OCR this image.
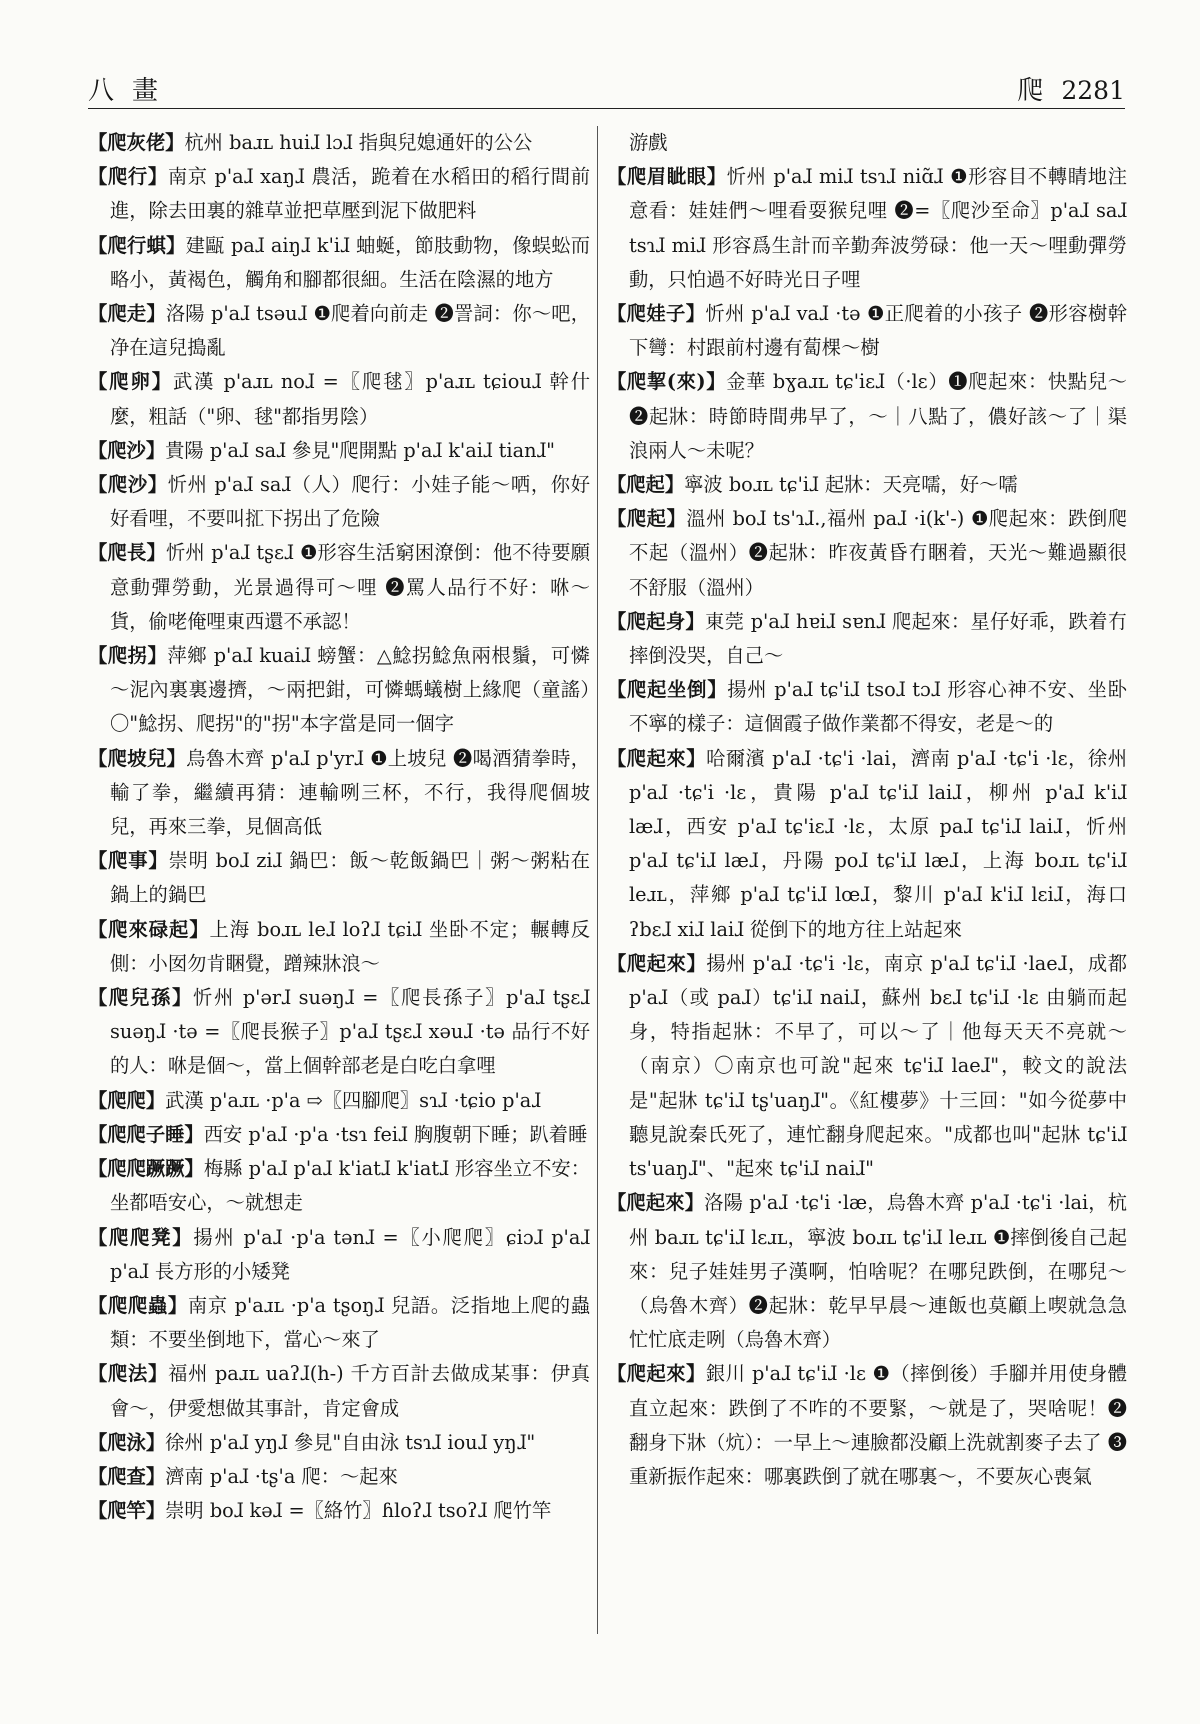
八畫	爬 2281

【爬灰佬】杭州 baɹʟ huiɺ lɔɺ 指與兒媳通奸的公公

【爬行】南京 p'aɺ xaŋɺ 農活，跪着在水稻田的稻行間前進，除去田裏的雜草並把草壓到泥下做肥料

【爬行蜞】建甌 paɺ aiŋɺ k'iɺ 蚰蜒，節肢動物，像蜈蚣而略小，黃褐色，觸角和腳都很細。生活在陰濕的地方

【爬走】洛陽 p'aɺ tsəuɺ ❶爬着向前走 ❷詈詞：你～吧，净在這兒搗亂

【爬卵】武漢 p'aɹʟ noɺ =〖爬毬〗p'aɹʟ tɕiouɺ 幹什麼，粗話（"卵、毬"都指男陰）

【爬沙】貴陽 p'aɺ saɺ 參見"爬開點 p'aɺ k'aiɺ tianɺ"

【爬沙】忻州 p'aɺ saɺ（人）爬行：小娃子能～哂，你好好看哩，不要叫㧟下拐出了危險

【爬長】忻州 p'aɺ tʂɛɺ ❶形容生活窮困潦倒：他不待要願意動彈勞動，光景過得可～哩 ❷罵人品行不好：咻～貨，偷咾俺哩東西還不承認！

【爬拐】萍鄉 p'aɺ kuaiɺ 螃蟹：△鯰拐鯰魚兩根鬚，可憐～泥內裏裏邊擠，～兩把鉗，可憐螞蟻樹上緣爬（童謠）〇"鯰拐、爬拐"的"拐"本字當是同一個字

【爬坡兒】烏魯木齊 p'aɺ p'yrɺ ❶上坡兒 ❷喝酒猜拳時，輸了拳，繼續再猜：連輸咧三杯，不行，我得爬個坡兒，再來三拳，見個高低

【爬事】崇明 boɺ ziɺ 鍋巴：飯～乾飯鍋巴｜粥～粥粘在鍋上的鍋巴

【爬來碌起】上海 boɹʟ leɺ loʔɺ tɕiɺ 坐卧不定；輾轉反側：小囡勿肯睏覺，蹭辣牀浪～

【爬兒孫】忻州 p'ərɺ suəŋɺ =〖爬長孫子〗p'aɺ tʂɛɺ suəŋɺ ·tə =〖爬長猴子〗p'aɺ tʂɛɺ xəuɺ ·tə 品行不好的人：咻是個～，當上個幹部老是白吃白拿哩

【爬爬】武漢 p'aɹʟ ·p'a ⇨〖四腳爬〗sɿɺ ·tɕio p'aɺ

【爬爬子睡】西安 p'aɺ ·p'a ·tsɿ feiɺ 胸腹朝下睡；趴着睡

【爬爬蹶蹶】梅縣 p'aɺ p'aɺ k'iatɺ k'iatɺ 形容坐立不安：坐都唔安心，～就想走

【爬爬凳】揚州 p'aɺ ·p'a tənɺ =〖小爬爬〗ɕiɔɺ p'aɺ p'aɺ 長方形的小矮凳

【爬爬蟲】南京 p'aɹʟ ·p'a tʂoŋɺ 兒語。泛指地上爬的蟲類：不要坐倒地下，當心～來了

【爬法】福州 paɹʟ uaʔɺ(h-) 千方百計去做成某事：伊真會～，伊愛想做其事計，肯定會成

【爬泳】徐州 p'aɺ yŋɺ 參見"自由泳 tsɿɺ iouɺ yŋɺ"

【爬查】濟南 p'aɺ ·tʂ'a 爬：～起來

【爬竿】崇明 boɺ kəɺ =〖絡竹〗ɦloʔɺ tsoʔɺ 爬竹竿

游戲

【爬眉眦眼】忻州 p'aɺ miɺ tsɿɺ niɑ̃ɺ ❶形容目不轉睛地注意看：娃娃們～哩看耍猴兒哩 ❷=〖爬沙至命〗p'aɺ saɺ tsɿɺ miɺ 形容爲生計而辛勤奔波勞碌：他一天～哩動彈勞動，只怕過不好時光日子哩

【爬娃子】忻州 p'aɺ vaɺ ·tə ❶正爬着的小孩子 ❷形容樹幹下彎：村跟前村邊有蔔棵～樹

【爬挈(來)】金華 bɣaɹʟ tɕ'iɛɺ（·lɛ）❶爬起來：快點兒～ ❷起牀：時節時間弗早了，～｜八點了，儂好該～了｜渠浪兩人～未呢？

【爬起】寧波 boɹʟ tɕ'iɺ 起牀：天亮嚅，好～嚅

【爬起】溫州 boɺ ts'ɿɺ.,福州 paɺ ·i(k'-) ❶爬起來：跌倒爬不起（溫州）❷起牀：昨夜黃昏冇睏着，天光～難過顯很不舒服（溫州）

【爬起身】東莞 p'aɺ hɐiɺ sɐnɺ 爬起來：星仔好乖，跌着冇摔倒没哭，自己～

【爬起坐倒】揚州 p'aɺ tɕ'iɺ tsoɺ tɔɺ 形容心神不安、坐卧不寧的樣子：這個霞子做作業都不得安，老是～的

【爬起來】哈爾濱 p'aɺ ·tɕ'i ·lai，濟南 p'aɺ ·tɕ'i ·lɛ，徐州 p'aɺ ·tɕ'i ·lɛ，貴陽 p'aɺ tɕ'iɺ laiɺ，柳州 p'aɺ k'iɺ læɺ，西安 p'aɺ tɕ'iɛɺ ·lɛ，太原 paɺ tɕ'iɺ laiɺ，忻州 p'aɺ tɕ'iɺ læɺ，丹陽 poɺ tɕ'iɺ læɺ，上海 boɹʟ tɕ'iɺ leɹʟ，萍鄉 p'aɺ tɕ'iɺ lœɺ，黎川 p'aɺ k'iɺ lɛiɺ，海口 ʔbɛɺ xiɺ laiɺ 從倒下的地方往上站起來

【爬起來】揚州 p'aɺ ·tɕ'i ·lɛ，南京 p'aɺ tɕ'iɺ ·laeɺ，成都 p'aɺ（或 paɺ）tɕ'iɺ naiɺ，蘇州 bɛɺ tɕ'iɺ ·lɛ 由躺而起身，特指起牀：不早了，可以～了｜他每天天不亮就～（南京）〇南京也可說"起來 tɕ'iɺ laeɺ"，較文的說法是"起牀 tɕ'iɺ tʂ'uaŋɺ"。《紅樓夢》十三回："如今從夢中聽見說秦氏死了，連忙翻身爬起來。"成都也叫"起牀 tɕ'iɺ ts'uaŋɺ"、"起來 tɕ'iɺ naiɺ"

【爬起來】洛陽 p'aɺ ·tɕ'i ·læ，烏魯木齊 p'aɺ ·tɕ'i ·lai，杭州 baɹʟ tɕ'iɺ lɛɹʟ，寧波 boɹʟ tɕ'iɺ leɹʟ ❶摔倒後自己起來：兒子娃娃男子漢啊，怕啥呢？在哪兒跌倒，在哪兒～（烏魯木齊）❷起牀：乾早早晨～連飯也莫顧上喫就急急忙忙底走咧（烏魯木齊）

【爬起來】銀川 p'aɺ tɕ'iɺ ·lɛ ❶（摔倒後）手腳并用使身體直立起來：跌倒了不咋的不要緊，～就是了，哭啥呢！❷翻身下牀（炕）：一早上～連臉都没顧上洗就割麥子去了 ❸重新振作起來：哪裏跌倒了就在哪裏～，不要灰心喪氣
